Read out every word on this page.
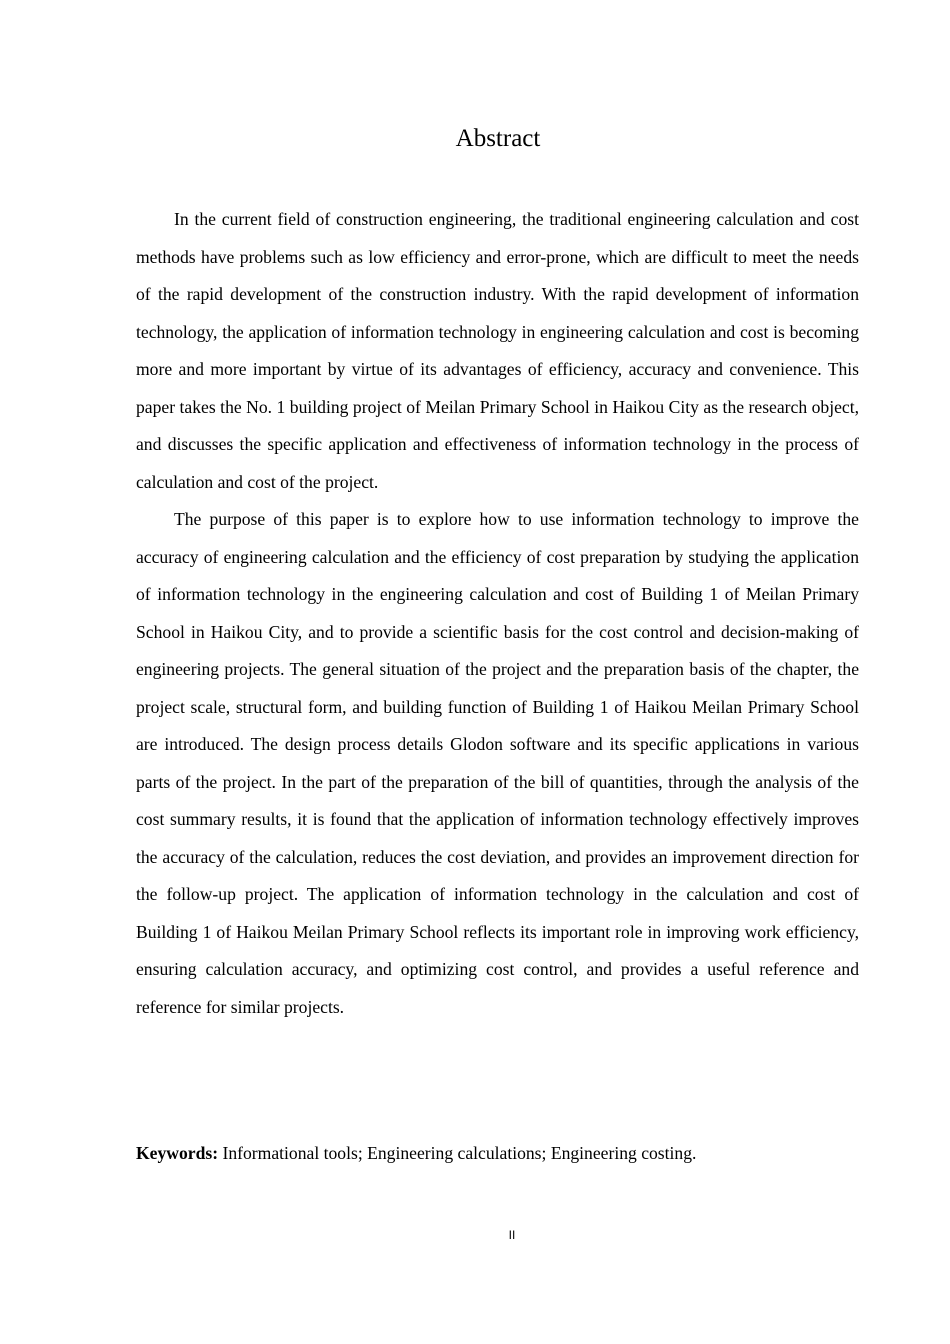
Abstract

In the current field of construction engineering, the traditional engineering calculation and cost methods have problems such as low efficiency and error-prone, which are difficult to meet the needs of the rapid development of the construction industry. With the rapid development of information technology, the application of information technology in engineering calculation and cost is becoming more and more important by virtue of its advantages of efficiency, accuracy and convenience. This paper takes the No. 1 building project of Meilan Primary School in Haikou City as the research object, and discusses the specific application and effectiveness of information technology in the process of calculation and cost of the project.

The purpose of this paper is to explore how to use information technology to improve the accuracy of engineering calculation and the efficiency of cost preparation by studying the application of information technology in the engineering calculation and cost of Building 1 of Meilan Primary School in Haikou City, and to provide a scientific basis for the cost control and decision-making of engineering projects. The general situation of the project and the preparation basis of the chapter, the project scale, structural form, and building function of Building 1 of Haikou Meilan Primary School are introduced. The design process details Glodon software and its specific applications in various parts of the project. In the part of the preparation of the bill of quantities, through the analysis of the cost summary results, it is found that the application of information technology effectively improves the accuracy of the calculation, reduces the cost deviation, and provides an improvement direction for the follow-up project. The application of information technology in the calculation and cost of Building 1 of Haikou Meilan Primary School reflects its important role in improving work efficiency, ensuring calculation accuracy, and optimizing cost control, and provides a useful reference and reference for similar projects.

Keywords: Informational tools; Engineering calculations; Engineering costing.

II
